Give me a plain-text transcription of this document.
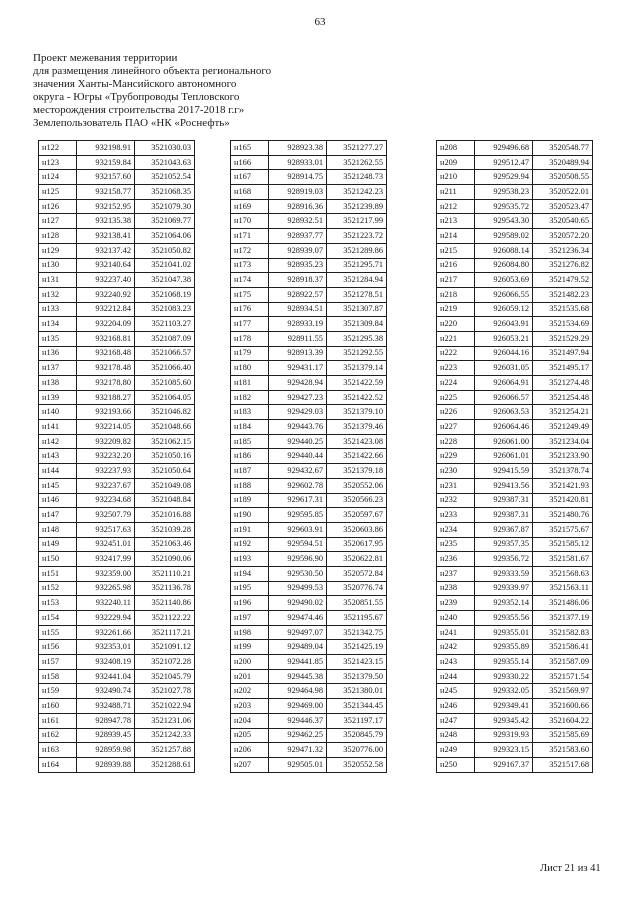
63
Проект межевания территории
для размещения линейного объекта регионального
значения Ханты-Мансийского автономного
округа - Югры «Трубопроводы Тепловского
месторождения строительства 2017-2018 г.г»
Землепользователь ПАО «НК «Роснефть»
н122	932198.91	3521030.03
н123	932159.84	3521043.63
н124	932157.60	3521052.54
н125	932158.77	3521068.35
н126	932152.95	3521079.30
н127	932135.38	3521069.77
н128	932138.41	3521064.06
н129	932137.42	3521050.82
н130	932140.64	3521041.02
н131	932237.40	3521047.38
н132	932240.92	3521068.19
н133	932212.84	3521083.23
н134	932204.09	3521103.27
н135	932168.81	3521087.09
н136	932168.48	3521066.57
н137	932178.48	3521066.40
н138	932178.80	3521085.60
н139	932188.27	3521064.05
н140	932193.66	3521046.82
н141	932214.05	3521048.66
н142	932209.82	3521062.15
н143	932232.20	3521050.16
н144	932237.93	3521050.64
н145	932237.67	3521049.08
н146	932234.68	3521048.84
н147	932507.79	3521016.88
н148	932517.63	3521039.28
н149	932451.01	3521063.46
н150	932417.99	3521090.06
н151	932359.00	3521110.21
н152	932265.98	3521136.78
н153	932240.11	3521140.86
н154	932229.94	3521122.22
н155	932261.66	3521117.21
н156	932353.01	3521091.12
н157	932408.19	3521072.28
н158	932441.04	3521045.79
н159	932490.74	3521027.78
н160	932488.71	3521022.94
н161	928947.78	3521231.06
н162	928939.45	3521242.33
н163	928959.98	3521257.88
н164	928939.88	3521288.61
н165	928923.38	3521277.27
н166	928933.01	3521262.55
н167	928914.75	3521248.73
н168	928919.03	3521242.23
н169	928916.36	3521239.89
н170	928932.51	3521217.99
н171	928937.77	3521223.72
н172	928939.07	3521289.86
н173	928935.23	3521295.71
н174	928918.37	3521284.94
н175	928922.57	3521278.51
н176	928934.51	3521307.87
н177	928933.19	3521309.84
н178	928911.55	3521295.38
н179	928913.39	3521292.55
н180	929431.17	3521379.14
н181	929428.94	3521422.59
н182	929427.23	3521422.52
н183	929429.03	3521379.10
н184	929443.76	3521379.46
н185	929440.25	3521423.08
н186	929440.44	3521422.66
н187	929432.67	3521379.18
н188	929602.78	3520552.06
н189	929617.31	3520566.23
н190	929595.85	3520597.67
н191	929603.91	3520603.86
н192	929594.51	3520617.95
н193	929596.90	3520622.81
н194	929530.50	3520572.84
н195	929499.53	3520776.74
н196	929490.02	3520851.55
н197	929474.46	3521195.67
н198	929497.07	3521342.75
н199	929489.04	3521425.19
н200	929441.85	3521423.15
н201	929445.38	3521379.50
н202	929464.98	3521380.01
н203	929469.00	3521344.45
н204	929446.37	3521197.17
н205	929462.25	3520845.79
н206	929471.32	3520776.00
н207	929505.01	3520552.58
н208	929496.68	3520548.77
н209	929512.47	3520489.94
н210	929529.94	3520508.55
н211	929538.23	3520522.01
н212	929535.72	3520523.47
н213	929543.30	3520540.65
н214	929589.02	3520572.20
н215	926088.14	3521236.34
н216	926084.80	3521276.82
н217	926053.69	3521479.52
н218	926066.55	3521482.23
н219	926059.12	3521535.68
н220	926043.91	3521534.69
н221	926053.21	3521529.29
н222	926044.16	3521497.94
н223	926031.05	3521495.17
н224	926064.91	3521274.48
н225	926066.57	3521254.48
н226	926063.53	3521254.21
н227	926064.46	3521249.49
н228	926061.00	3521234.04
н229	926061.01	3521233.90
н230	929415.59	3521378.74
н231	929413.56	3521421.93
н232	929387.31	3521420.81
н233	929387.31	3521480.76
н234	929367.87	3521575.67
н235	929357.35	3521585.12
н236	929356.72	3521581.67
н237	929333.59	3521568.63
н238	929339.97	3521563.11
н239	929352.14	3521486.06
н240	929355.56	3521377.19
н241	929355.01	3521582.83
н242	929355.89	3521586.41
н243	929355.14	3521587.09
н244	929330.22	3521571.54
н245	929332.05	3521569.97
н246	929349.41	3521600.66
н247	929345.42	3521604.22
н248	929319.93	3521585.69
н249	929323.15	3521583.60
н250	929167.37	3521517.68
Лист 21 из 41
